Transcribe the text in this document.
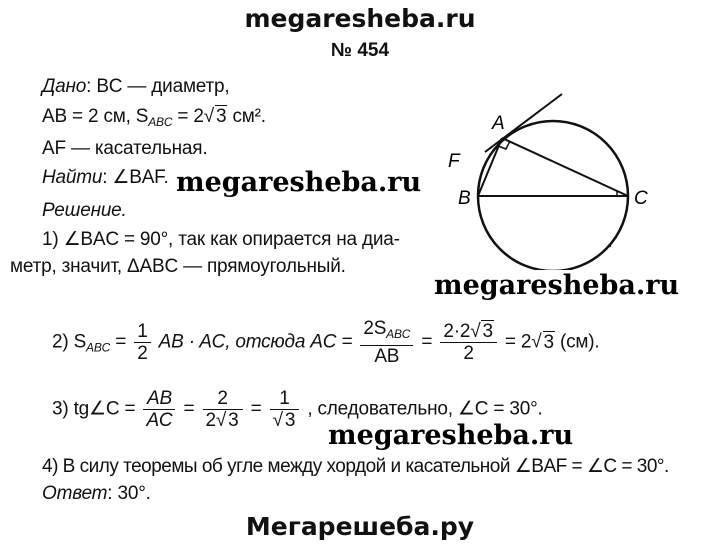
megaresheba.ru
№ 454
Дано: BC — диаметр,
AB = 2 см, $S_{ABC} = 2√$ 3 см².
AF — касательная.
Найти: ∠BAF. megaresheba.ru
Решение.
1) ∠BAC = 90°, так как опирается на диа-
метр, значит, ΔABC — прямоугольный.
megaresheba.ru
2) $S_{ABC} = \frac{1}{2}$ AB · AC, отсюда AC = $\frac{2S_{ABC}}{AB} = \frac{2\cdot 2√ 3}{2} = 2√$ 3 (см).
3) tg∠C = $\frac{AB}{AC} = \frac{2}{2√ 3} = \frac{1}{√ 3}$ , следовательно, ∠C = 30°.
megaresheba.ru
4) В силу теоремы об угле между хордой и касательной ∠BAF = ∠C = 30°.
Ответ: 30°.
A
B	C
F
Мегарешеба.ру
